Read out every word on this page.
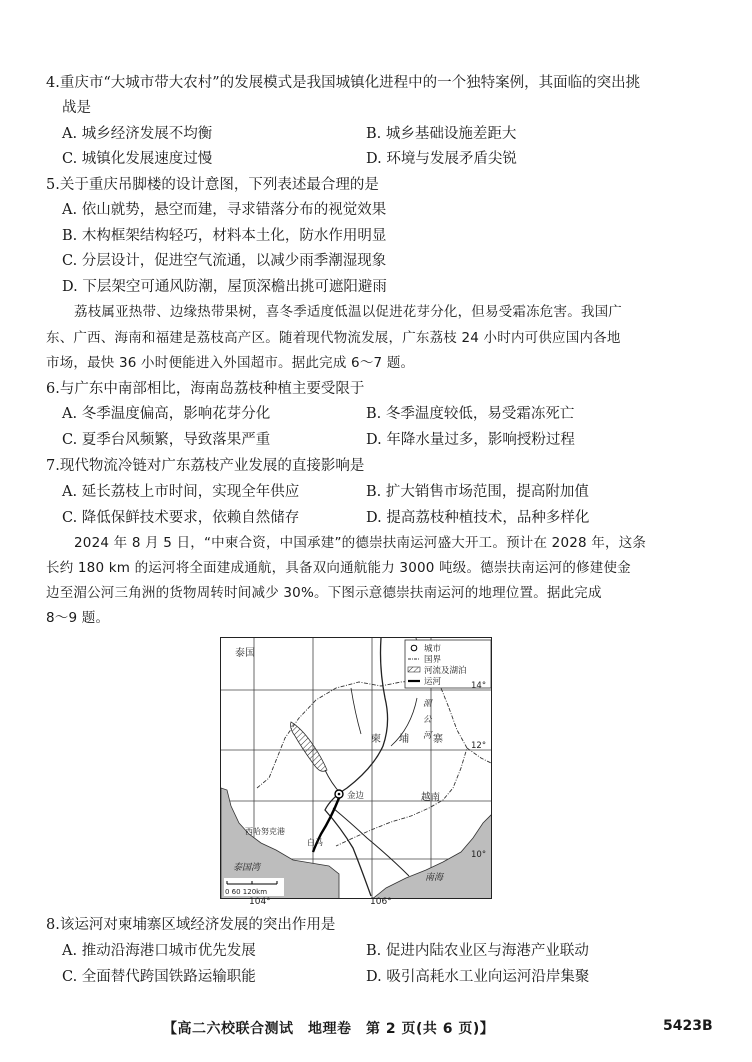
4.重庆市“大城市带大农村”的发展模式是我国城镇化进程中的一个独特案例，其面临的突出挑
战是
A. 城乡经济发展不均衡	B. 城乡基础设施差距大
C. 城镇化发展速度过慢	D. 环境与发展矛盾尖锐
5.关于重庆吊脚楼的设计意图，下列表述最合理的是
A. 依山就势，悬空而建，寻求错落分布的视觉效果
B. 木构框架结构轻巧，材料本土化，防水作用明显
C. 分层设计，促进空气流通，以减少雨季潮湿现象
D. 下层架空可通风防潮，屋顶深檐出挑可遮阳避雨
荔枝属亚热带、边缘热带果树，喜冬季适度低温以促进花芽分化，但易受霜冻危害。我国广
东、广西、海南和福建是荔枝高产区。随着现代物流发展，广东荔枝 24 小时内可供应国内各地
市场，最快 36 小时便能进入外国超市。据此完成 6～7 题。
6.与广东中南部相比，海南岛荔枝种植主要受限于
A. 冬季温度偏高，影响花芽分化	B. 冬季温度较低，易受霜冻死亡
C. 夏季台风频繁，导致落果严重	D. 年降水量过多，影响授粉过程
7.现代物流冷链对广东荔枝产业发展的直接影响是
A. 延长荔枝上市时间，实现全年供应	B. 扩大销售市场范围，提高附加值
C. 降低保鲜技术要求，依赖自然储存	D. 提高荔枝种植技术，品种多样化
2024 年 8 月 5 日，“中柬合资，中国承建”的德崇扶南运河盛大开工。预计在 2028 年，这条
长约 180 km 的运河将全面建成通航，具备双向通航能力 3000 吨级。德崇扶南运河的修建使金
边至湄公河三角洲的货物周转时间减少 30%。下图示意德崇扶南运河的地理位置。据此完成
8～9 题。
城市
国界
河流及湖泊
运河
泰国
柬 埔 寨
湄
公
河
金边	越南
西哈努克港
白马
泰国湾
南海
14°
12°
10°
0 60 120km
104°	106°
8.该运河对柬埔寨区域经济发展的突出作用是
A. 推动沿海港口城市优先发展	B. 促进内陆农业区与海港产业联动
C. 全面替代跨国铁路运输职能	D. 吸引高耗水工业向运河沿岸集聚
【高二六校联合测试　地理卷　第 2 页(共 6 页)】	5423B
